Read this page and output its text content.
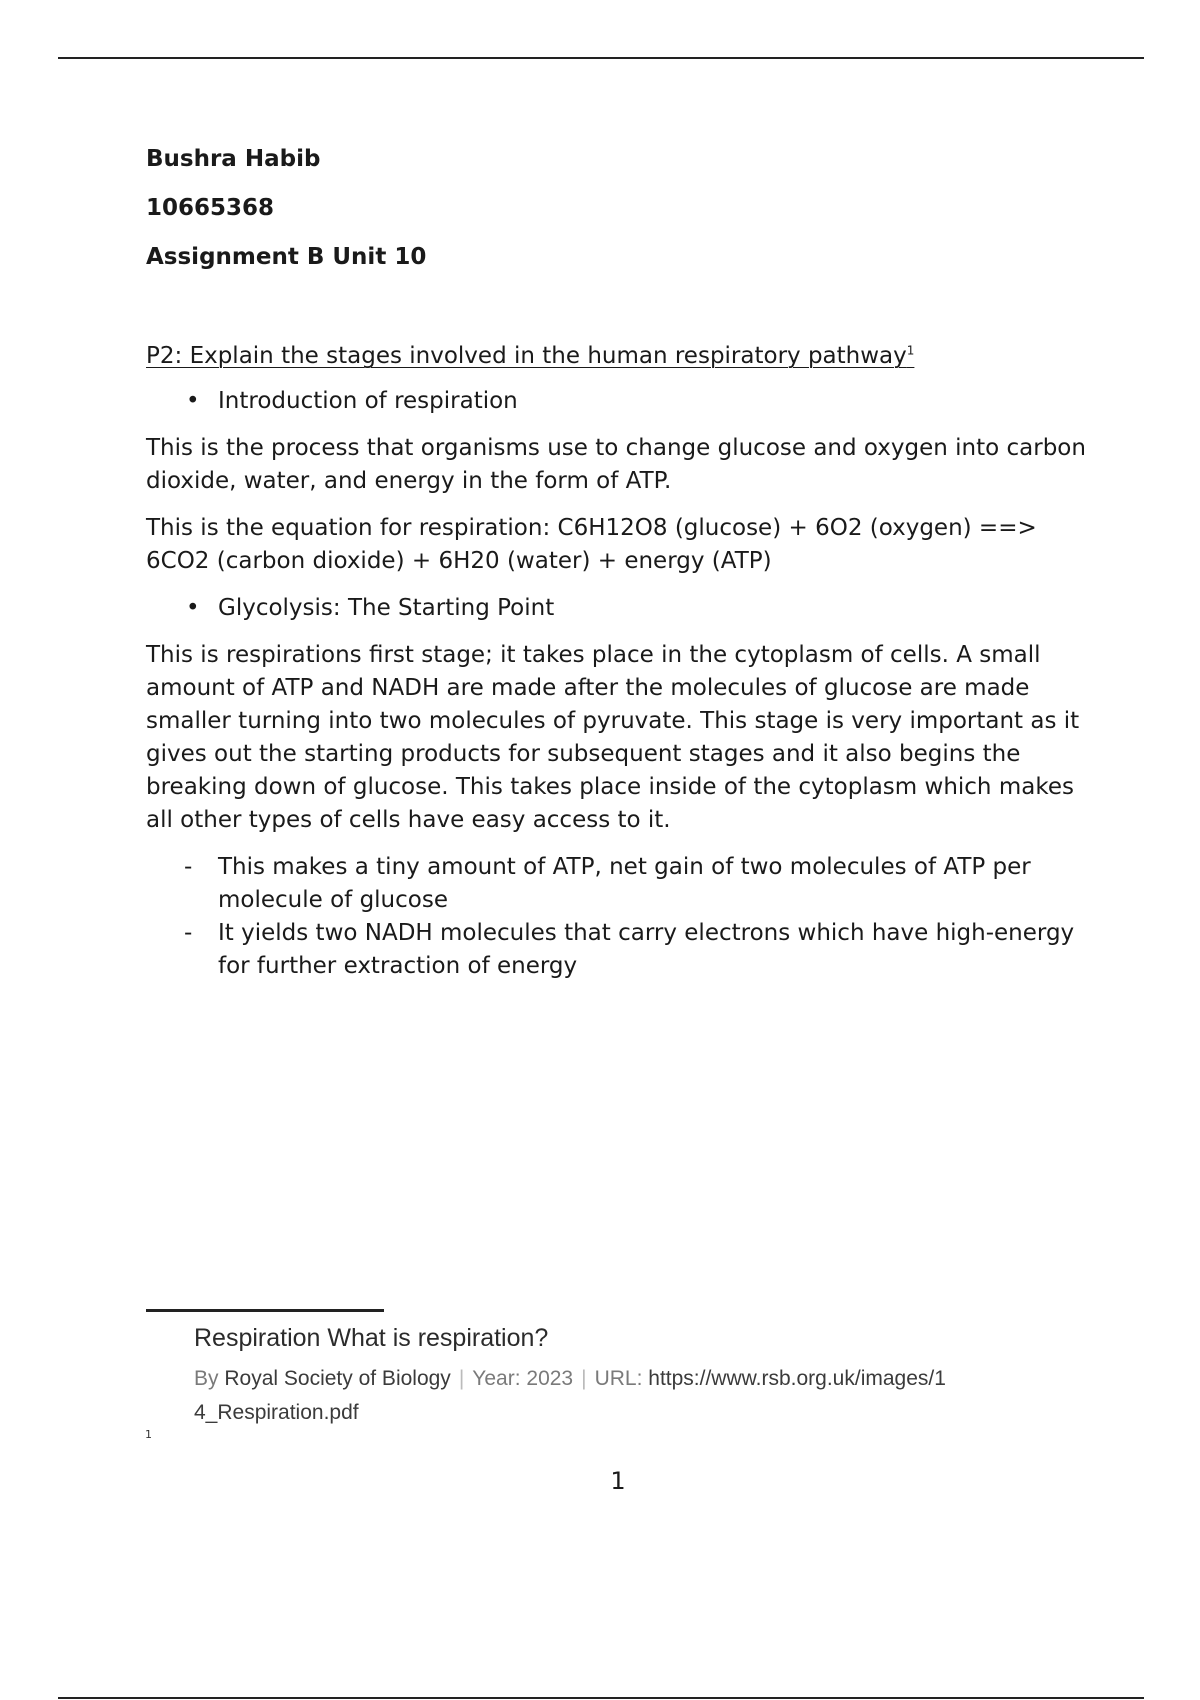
Bushra Habib
10665368
Assignment B Unit 10
P2: Explain the stages involved in the human respiratory pathway$^1$
• Introduction of respiration

This is the process that organisms use to change glucose and oxygen into carbon dioxide, water, and energy in the form of ATP.

This is the equation for respiration: C6H12O8 (glucose) + 6O2 (oxygen) ==> 6CO2 (carbon dioxide) + 6H20 (water) + energy (ATP)

• Glycolysis: The Starting Point

This is respirations first stage; it takes place in the cytoplasm of cells. A small amount of ATP and NADH are made after the molecules of glucose are made smaller turning into two molecules of pyruvate. This stage is very important as it gives out the starting products for subsequent stages and it also begins the breaking down of glucose. This takes place inside of the cytoplasm which makes all other types of cells have easy access to it.

- This makes a tiny amount of ATP, net gain of two molecules of ATP per molecule of glucose
- It yields two NADH molecules that carry electrons which have high-energy for further extraction of energy
Respiration What is respiration?

By Royal Society of Biology | Year: 2023 | URL: https://www.rsb.org.uk/images/14_Respiration.pdf

1
1
